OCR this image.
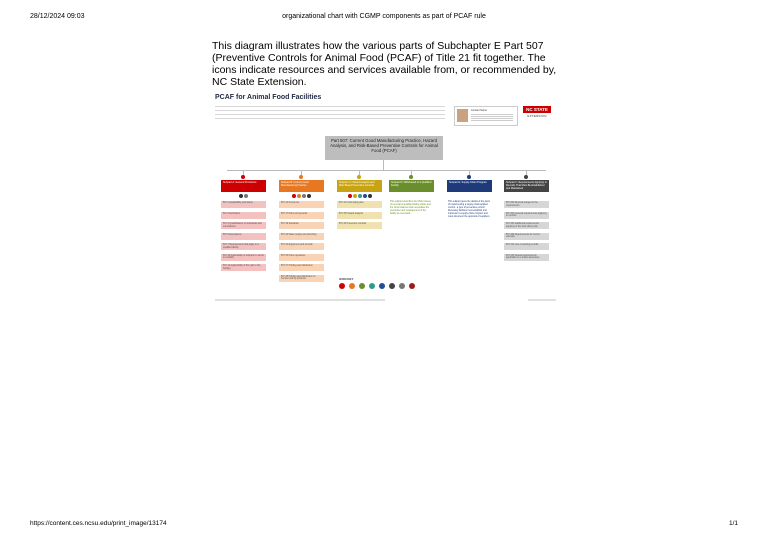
28/12/2024 09:03	organizational chart with CGMP components as part of PCAF rule
This diagram illustrates how the various parts of Subchapter E Part 507 (Preventive Controls for Animal Food (PCAF) of Title 21 fit together. The icons indicate resources and services available from, or recommended by, NC State Extension.
PCAF for Animal Food Facilities
Contact Name	NC STATE
EXTENSION
Part 507: Current Good Manufacturing Practice, Hazard Analysis, and Risk-Based Preventive Controls for Animal Food (PCAF)
Subpart A: General Provisions
507.1 Applicability and status
507.3 Definitions
507.4 Qualifications of individuals who manufacture
507.5 Exemptions
507.7 Requirements that apply to a qualified facility
507.10 Applicability of subparts C and E to a facility
507.12 Applicability of this part to the holding
Subpart B: Current Good Manufacturing Practice
507.14 Personnel
507.17 Plant and grounds
507.19 Sanitation
507.20 Water supply and plumbing
507.22 Equipment and utensils
507.25 Plant operations
507.27 Holding and distribution
507.28 Holding and distribution of human food by-products
Subpart C: Hazard Analysis and Risk-Based Preventive Controls
507.31 Food safety plan
507.33 Hazard analysis
507.34 Preventive controls
Subpart D: Withdrawal of a Qualified Facility
This subpart describes the FDA process of removal of qualified facility status and the circumstances that necessitate the exemption and reinstatement of the facility as exempted.
Subpart E: Supply-Chain Program
This subpart gives the details of the parts of implementing a supply-chain applied control - a type of preventive control. Receiving facilities must establish and implement a supply-chain program and must document the approval of suppliers.
Subpart F: Requirements Applying to Records That Must Be Established and Maintained
507.200 Records subject to the requirements
507.202 General requirements applying to records
507.206 Additional requirements applying to the food safety plan
507.208 Requirements for record retention
507.212 Use of existing records
507.215 Special requirements applicable to a written assurance
ICON KEY
https://content.ces.ncsu.edu/print_image/13174	1/1
